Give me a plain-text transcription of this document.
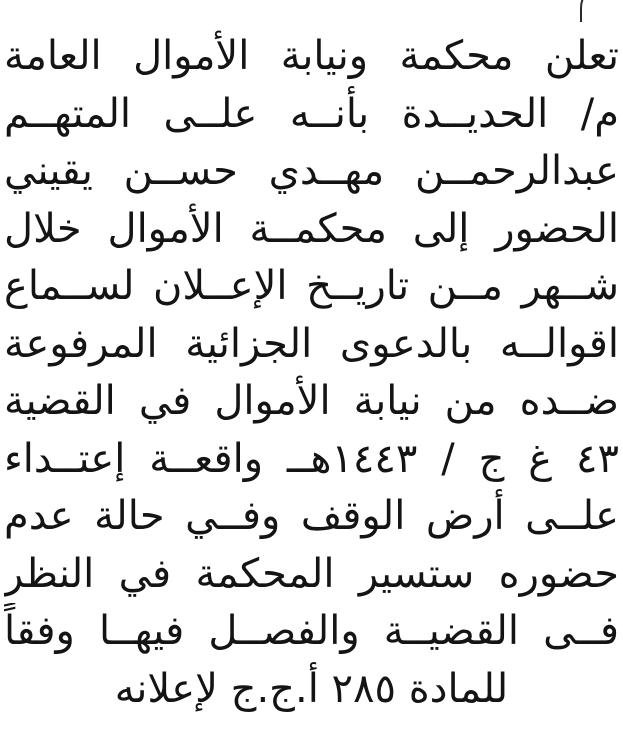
تعلن محكمة ونيابة الأموال العامة
م/ الحديــدة بأنــه علــى المتهــم
عبدالرحمــن مهــدي حســن يقيني
الحضور إلى محكمــة الأموال خلال
شــهر مــن تاريــخ الإعــلان لســماع
اقوالــه بالدعوى الجزائية المرفوعة
ضــده من نيابة الأموال في القضية
٤٣ غ ج / ١٤٤٣هــ واقعــة إعتــداء
علــى أرض الوقف وفــي حالة عدم
حضوره ستسير المحكمة في النظر
فــى القضيــة والفصــل فيهــا وفقاً
للمادة ٢٨٥ أ.ج.ج لإعلانه
